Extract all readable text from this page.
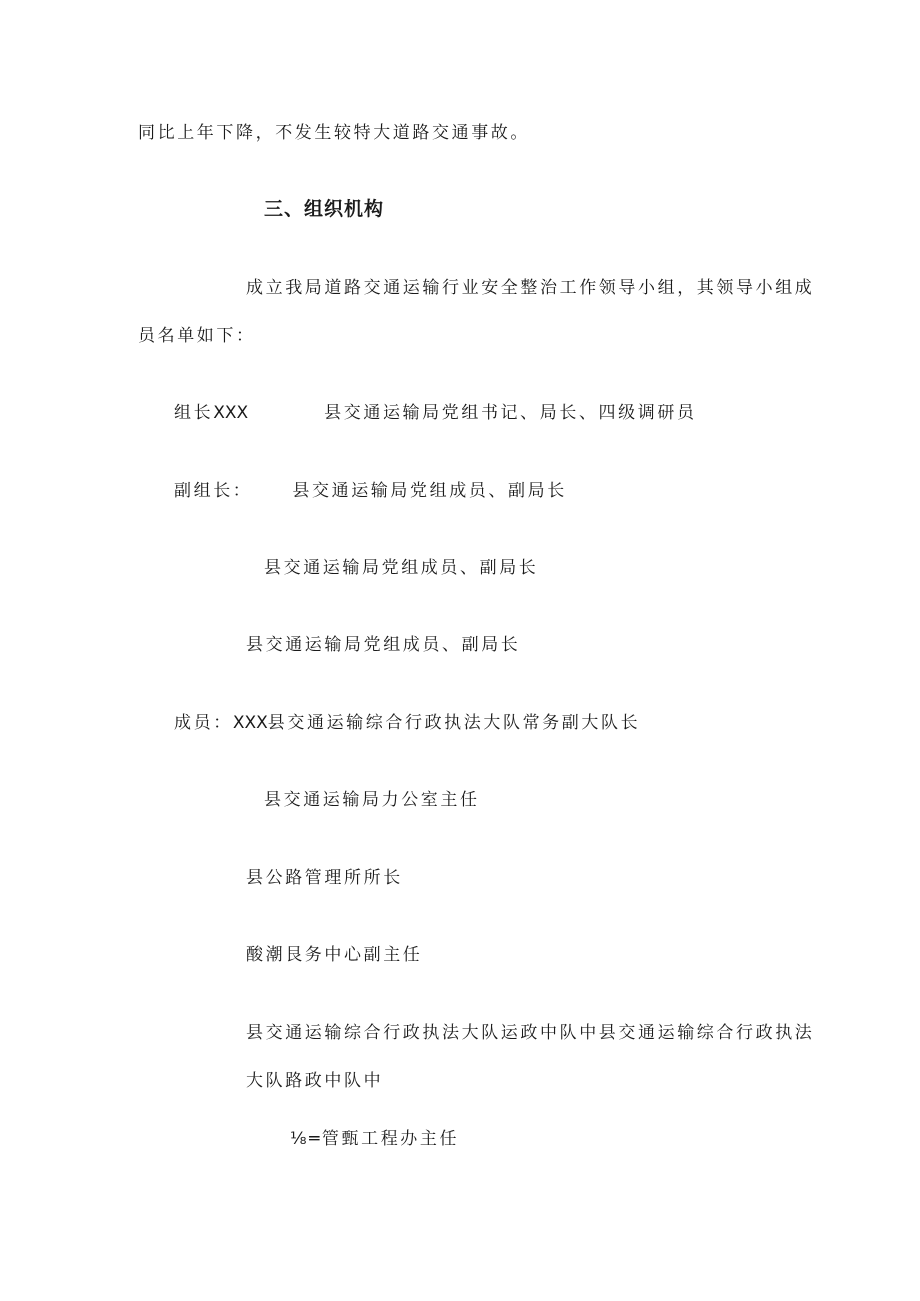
同比上年下降，不发生较特大道路交通事故。
三、组织机构
成立我局道路交通运输行业安全整治工作领导小组，其领导小组成
员名单如下：
组长XXX	县交通运输局党组书记、局长、四级调研员
副组长： 县交通运输局党组成员、副局长
县交通运输局党组成员、副局长
县交通运输局党组成员、副局长
成员：XXX县交通运输综合行政执法大队常务副大队长
县交通运输局力公室主任
县公路管理所所长
酸潮艮务中心副主任
县交通运输综合行政执法大队运政中队中县交通运输综合行政执法
大队路政中队中
⅛═管甄工程办主任
